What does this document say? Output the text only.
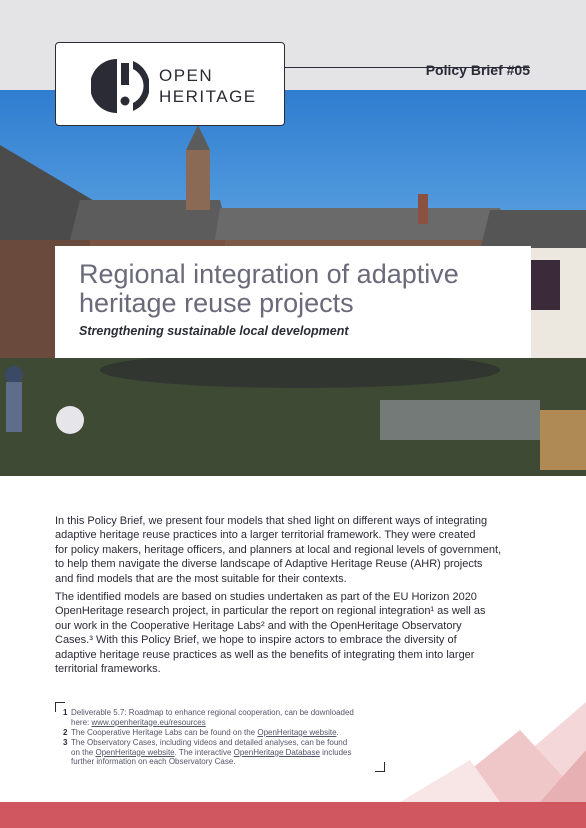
Policy Brief #05
OPEN
HERITAGE
Regional integration of adaptive
heritage reuse projects
Strengthening sustainable local development
In this Policy Brief, we present four models that shed light on different ways of integrating
adaptive heritage reuse practices into a larger territorial framework. They were created
for policy makers, heritage officers, and planners at local and regional levels of government,
to help them navigate the diverse landscape of Adaptive Heritage Reuse (AHR) projects
and find models that are the most suitable for their contexts.
The identified models are based on studies undertaken as part of the EU Horizon 2020
OpenHeritage research project, in particular the report on regional integration¹ as well as
our work in the Cooperative Heritage Labs² and with the OpenHeritage Observatory
Cases.³ With this Policy Brief, we hope to inspire actors to embrace the diversity of
adaptive heritage reuse practices as well as the benefits of integrating them into larger
territorial frameworks.
1 Deliverable 5.7: Roadmap to enhance regional cooperation, can be downloaded
here: www.openheritage.eu/resources
2 The Cooperative Heritage Labs can be found on the OpenHeritage website.
3 The Observatory Cases, including videos and detailed analyses, can be found
on the OpenHeritage website. The interactive OpenHeritage Database includes
further information on each Observatory Case.
